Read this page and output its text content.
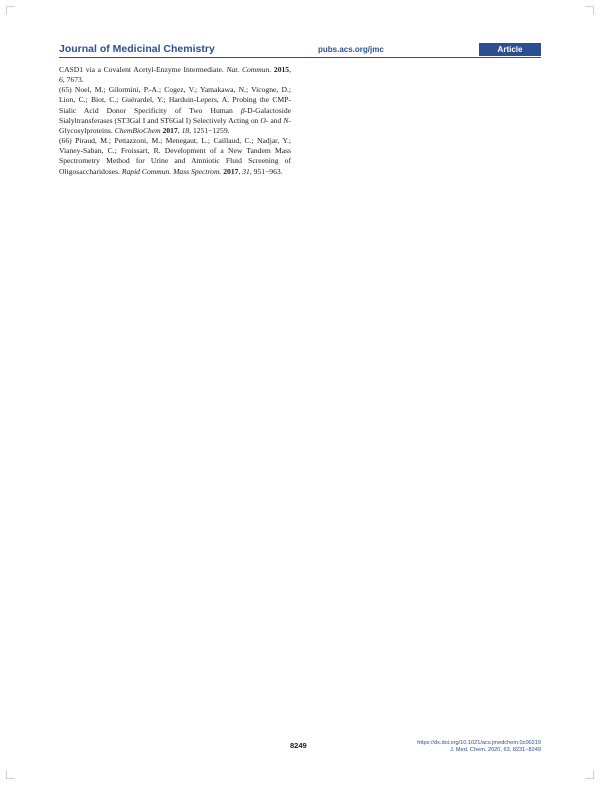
Journal of Medicinal Chemistry	pubs.acs.org/jmc	Article

CASD1 via a Covalent Acetyl-Enzyme Intermediate. Nat. Commun. 2015, 6, 7673.

(65) Noel, M.; Gilormini, P.-A.; Cogez, V.; Yamakawa, N.; Vicogne, D.; Lion, C.; Biot, C.; Guérardel, Y.; Harduin-Lepers, A. Probing the CMP-Sialic Acid Donor Specificity of Two Human β-D-Galactoside Sialyltransferases (ST3Gal I and ST6Gal I) Selectively Acting on O- and N-Glycosylproteins. ChemBioChem 2017, 18, 1251−1259.

(66) Piraud, M.; Pettazzoni, M.; Menegaut, L.; Caillaud, C.; Nadjar, Y.; Vianey-Saban, C.; Froissart, R. Development of a New Tandem Mass Spectrometry Method for Urine and Amniotic Fluid Screening of Oligosaccharidoses. Rapid Commun. Mass Spectrom. 2017, 31, 951−963.

8249	https://dx.doi.org/10.1021/acs.jmedchem.0c00219
J. Med. Chem. 2020, 63, 8231−8249
